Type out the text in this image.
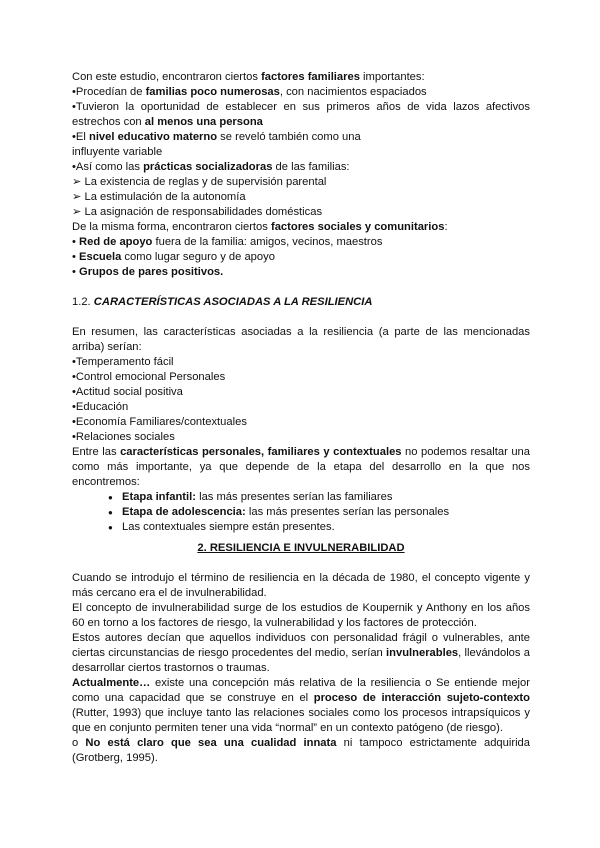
Con este estudio, encontraron ciertos factores familiares importantes:

•Procedían de familias poco numerosas, con nacimientos espaciados

•Tuvieron la oportunidad de establecer en sus primeros años de vida lazos afectivos estrechos con al menos una persona

•El nivel educativo materno se reveló también como una

influyente variable

•Así como las prácticas socializadoras de las familias:

➢ La existencia de reglas y de supervisión parental

➢ La estimulación de la autonomía

➢ La asignación de responsabilidades domésticas

De la misma forma, encontraron ciertos factores sociales y comunitarios:

• Red de apoyo fuera de la familia: amigos, vecinos, maestros

• Escuela como lugar seguro y de apoyo

• Grupos de pares positivos.

1.2. CARACTERÍSTICAS ASOCIADAS A LA RESILIENCIA

En resumen, las características asociadas a la resiliencia (a parte de las mencionadas arriba) serían:

•Temperamento fácil

•Control emocional Personales

•Actitud social positiva

•Educación

•Economía Familiares/contextuales

•Relaciones sociales

Entre las características personales, familiares y contextuales no podemos resaltar una como más importante, ya que depende de la etapa del desarrollo en la que nos encontremos:

● Etapa infantil: las más presentes serían las familiares
● Etapa de adolescencia: las más presentes serían las personales
● Las contextuales siempre están presentes.

2. RESILIENCIA E INVULNERABILIDAD

Cuando se introdujo el término de resiliencia en la década de 1980, el concepto vigente y más cercano era el de invulnerabilidad.

El concepto de invulnerabilidad surge de los estudios de Koupernik y Anthony en los años 60 en torno a los factores de riesgo, la vulnerabilidad y los factores de protección.

Estos autores decían que aquellos individuos con personalidad frágil o vulnerables, ante ciertas circunstancias de riesgo procedentes del medio, serían invulnerables, llevándolos a desarrollar ciertos trastornos o traumas.

Actualmente… existe una concepción más relativa de la resiliencia o Se entiende mejor como una capacidad que se construye en el proceso de interacción sujeto-contexto (Rutter, 1993) que incluye tanto las relaciones sociales como los procesos intrapsíquicos y que en conjunto permiten tener una vida “normal” en un contexto patógeno (de riesgo).

o No está claro que sea una cualidad innata ni tampoco estrictamente adquirida (Grotberg, 1995).
